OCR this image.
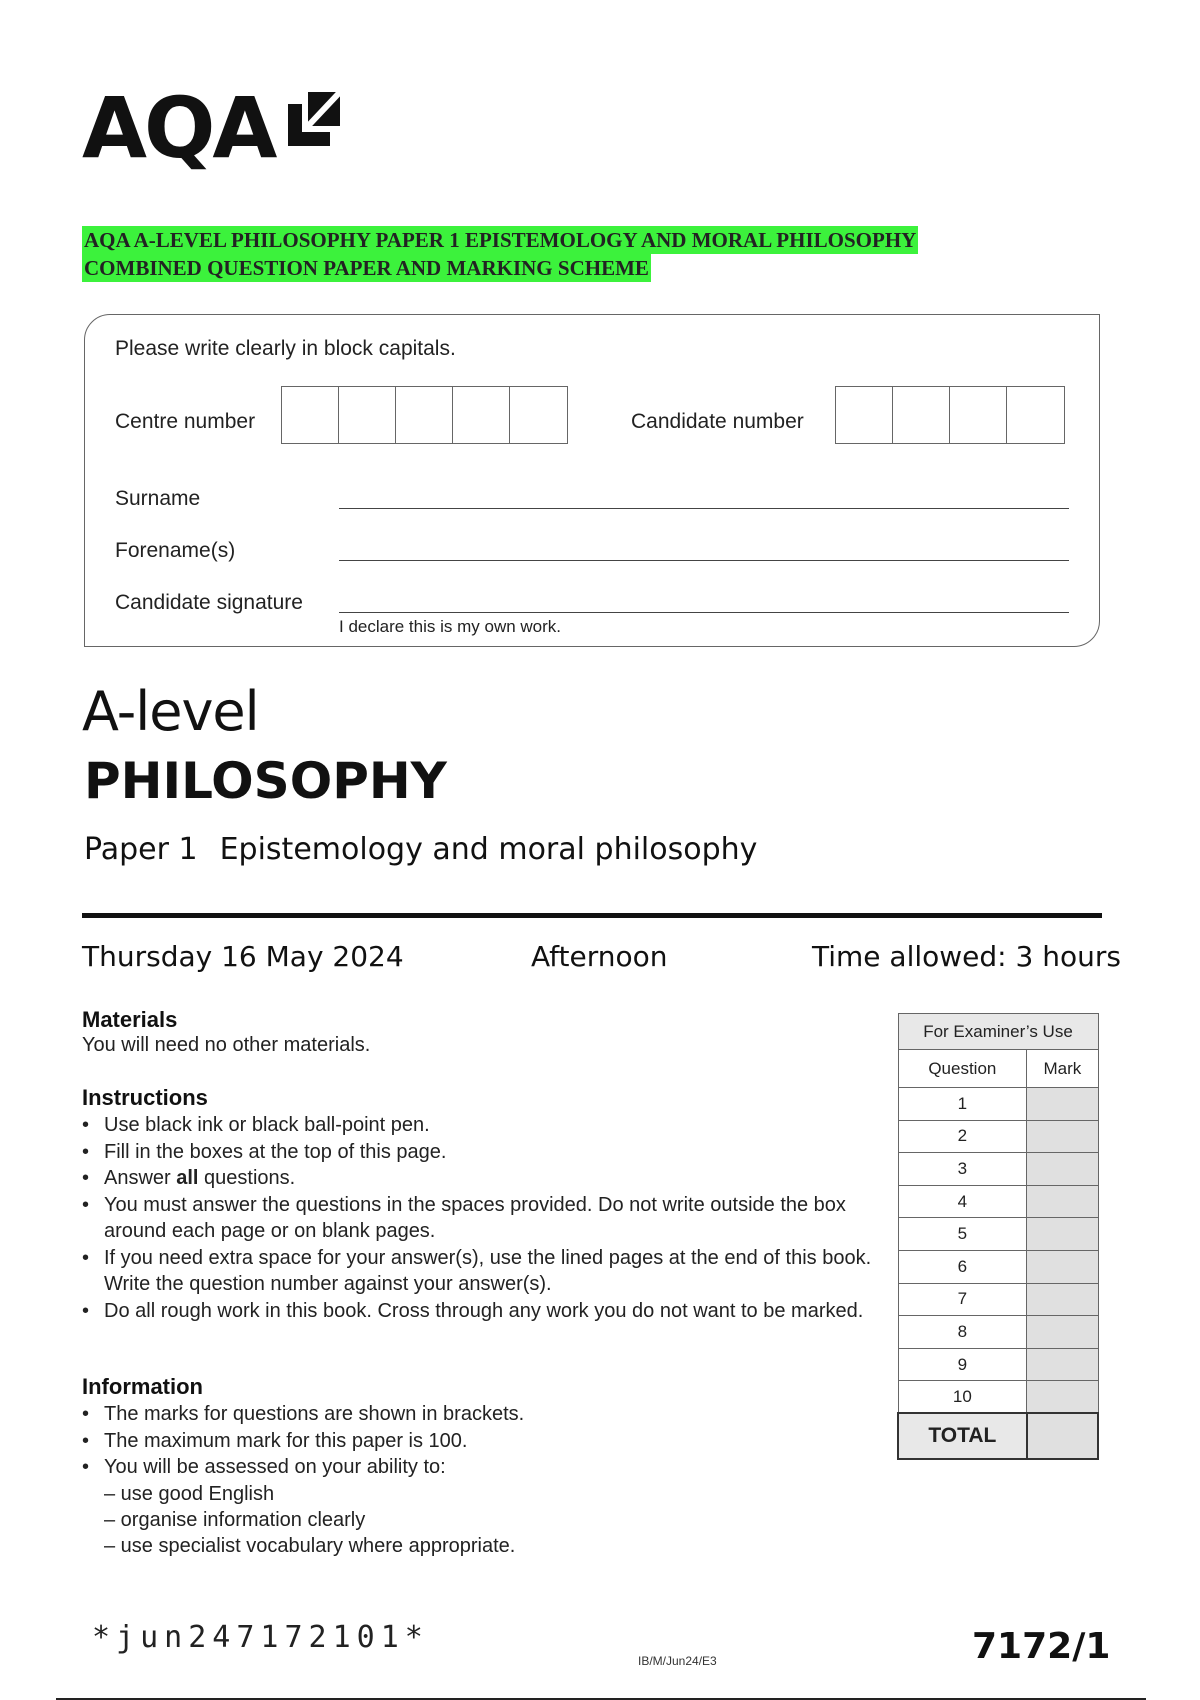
AQA
AQA A-LEVEL PHILOSOPHY PAPER 1 EPISTEMOLOGY AND MORAL PHILOSOPHY
COMBINED QUESTION PAPER AND MARKING SCHEME
Please write clearly in block capitals.
Centre number	Candidate number
Surname
Forename(s)
Candidate signature
I declare this is my own work.
A-level
PHILOSOPHY
Paper 1 Epistemology and moral philosophy
Thursday 16 May 2024	Afternoon	Time allowed: 3 hours
Materials
You will need no other materials.
Instructions
• Use black ink or black ball-point pen.
• Fill in the boxes at the top of this page.
• Answer all questions.
• You must answer the questions in the spaces provided. Do not write outside the box around each page or on blank pages.
• If you need extra space for your answer(s), use the lined pages at the end of this book. Write the question number against your answer(s).
• Do all rough work in this book. Cross through any work you do not want to be marked.
Information
• The marks for questions are shown in brackets.
• The maximum mark for this paper is 100.
• You will be assessed on your ability to:
– use good English
– organise information clearly
– use specialist vocabulary where appropriate.
For Examiner’s Use	
Question	Mark
1	
2	
3	
4	
5	
6	
7	
8	
9	
10	
TOTAL	
*jun247172101*
IB/M/Jun24/E3	7172/1
